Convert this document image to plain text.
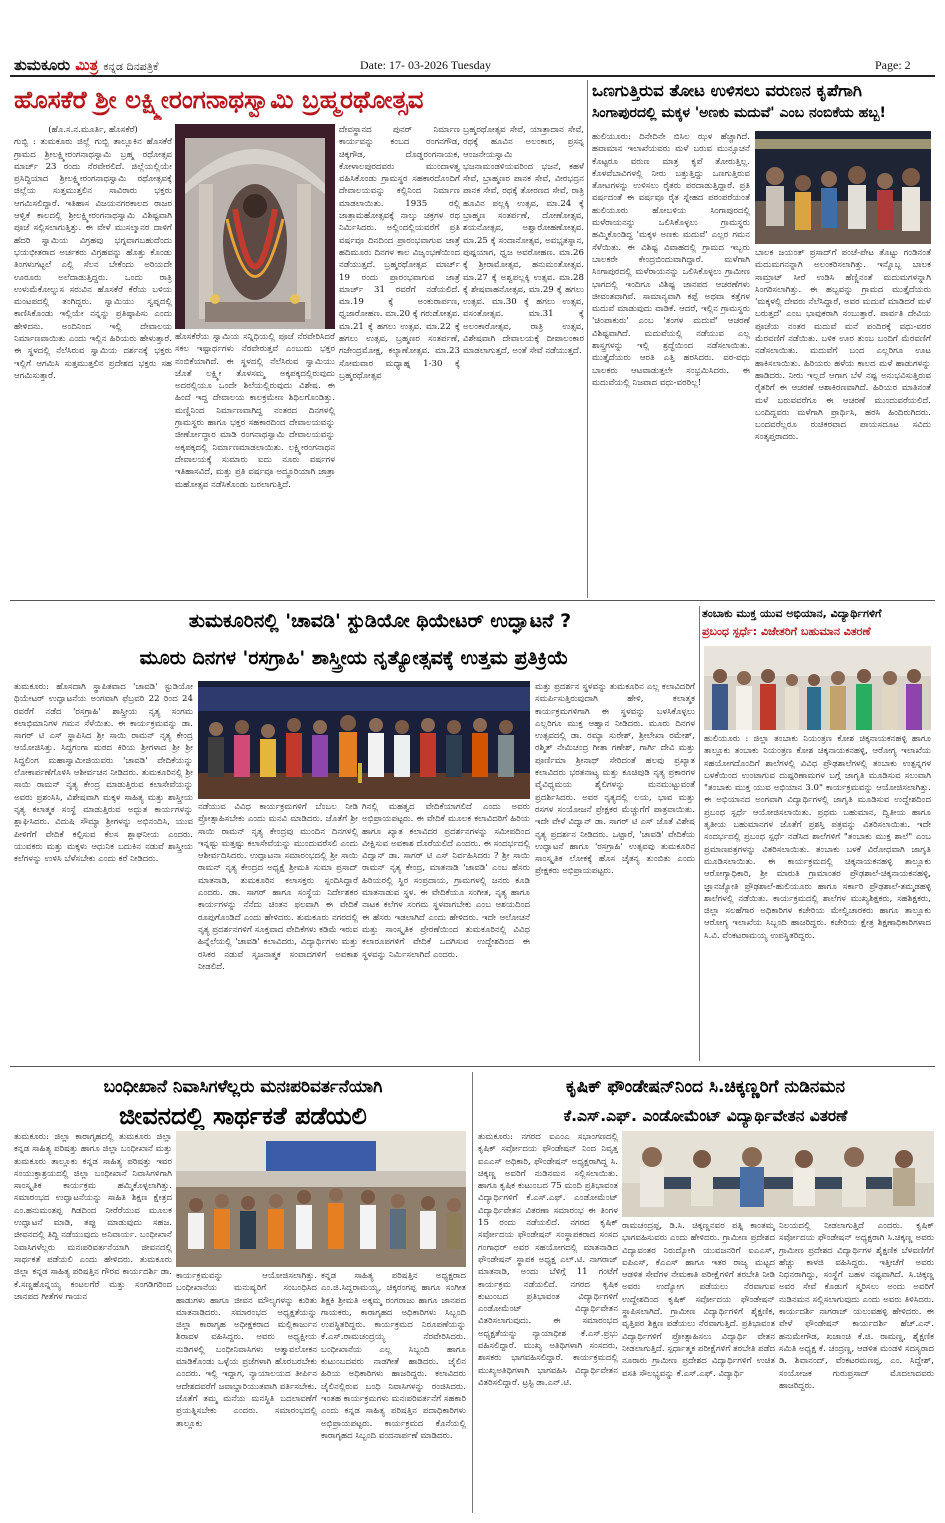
ತುಮಕೂರು ಮಿತ್ರ ಕನ್ನಡ ದಿನಪತ್ರಿಕೆ	Date: 17- 03-2026 Tuesday	Page: 2
ಹೊಸಕೆರೆ ಶ್ರೀ ಲಕ್ಷ್ಮೀರಂಗನಾಥಸ್ವಾಮಿ ಬ್ರಹ್ಮರಥೋತ್ಸವ

(ಹೊ.ಸ.ನ.ಮೂರ್ತಿ, ಹೊಸಕೆರೆ)

ಗುಬ್ಬಿ : ತುಮಕೂರು ಜಿಲ್ಲೆ ಗುಬ್ಬಿ ತಾಲ್ಲೂಕಿನ ಹೊಸಕೆರೆ ಗ್ರಾಮದ ಶ್ರೀಲಕ್ಷ್ಮೀರಂಗನಾಥಸ್ವಾಮಿ ಬ್ರಹ್ಮ ರಥೋತ್ಸವ ಮಾರ್ಚ್ 23 ರಂದು ನೆರವೇರಲಿದೆ. ಜಿಲ್ಲೆಯಲ್ಲಿಯೇ ಪ್ರಸಿದ್ಧಿಯಾದ ಶ್ರೀಲಕ್ಷ್ಮೀರಂಗನಾಥಸ್ವಾಮಿ ರಥೋತ್ಸವಕ್ಕೆ ಜಿಲ್ಲೆಯ ಸುತ್ತಮುತ್ತಲಿನ ಸಾವಿರಾರು ಭಕ್ತರು ಆಗಮಿಸಲಿದ್ದಾರೆ. ಇತಿಹಾಸ ವಿಜಯನಗರಕಾಲದ ರಾಜರ ಆಳ್ವಿಕೆ ಕಾಲದಲ್ಲಿ ಶ್ರೀಲಕ್ಷ್ಮೀರಂಗನಾಥಸ್ವಾಮಿ ವಿಶಿಷ್ಟವಾಗಿ ಪೂಜೆ ಸಲ್ಲಿಸಲಾಗುತ್ತಿತ್ತು. ಈ ವೇಳೆ ಮುಸಲ್ಮಾನರ ದಾಳಿಗೆ ಹೆದರಿ ಸ್ವಾಮಿಯ ವಿಗ್ರಹವು ಭಗ್ನವಾಗಬಹುದೆಂದು ಭಯಭೀತರಾದ ಅರ್ಚಕರು ವಿಗ್ರಹವನ್ನು ಹೊತ್ತು ಕೊಂಡು ತಿಂಗಳುಗಟ್ಟಲೆ ಎಲ್ಲಿ ಸೆಲನ ಬೇಕೆಂದು ಅರಿಯದೇ ಊರೂರು ಅಲೆದಾಡುತ್ತಿದ್ದರು. ಒಂದು ರಾತ್ರಿ ಉಳುಮೆಕೋಲ್ನುಸ ಸರುವಿನ ಹೊಸಕೆರೆ ಕೆರೆಯ ಬಳಿಯ ಮಂಟಪದಲ್ಲಿ ತಂಗಿದ್ದರು. ಸ್ವಾಮಿಯು ಸ್ವಪ್ನದಲ್ಲಿ ಕಾಣಿಸಿಕೊಂಡು ಇಲ್ಲಿಯೇ ನನ್ನನ್ನು ಪ್ರತಿಷ್ಠಾಪಿಸು ಎಂದು ಹೇಳಿದನು. ಅಂದಿನಿಂದ ಇಲ್ಲಿ ದೇವಾಲಯ ನಿರ್ಮಾಣವಾಯಿತು ಎಂದು ಇಲ್ಲಿನ ಹಿರಿಯರು ಹೇಳುತ್ತಾರೆ. ಈ ಸ್ಥಳದಲ್ಲಿ ನೆಲೆಸಿರುವ ಸ್ವಾಮಿಯ ದರ್ಶನಕ್ಕೆ ಭಕ್ತರು ಇಲ್ಲಿಗೆ ಆಗಮಿಸಿ ಸುತ್ತಮುತ್ತಲಿನ ಪ್ರದೇಶದ ಭಕ್ತರು ಸಹ ಆಗಮಿಸುತ್ತಾರೆ.

ಹೊಸಕೆರೆಯ ಸ್ವಾಮಿಯ ಸನ್ನಿಧಿಯಲ್ಲಿ ಪೂಜೆ ನೆರವೇರಿಸಿದರೆ ಸಕಲ ಇಷ್ಟಾರ್ಥಗಳು ನೆರವೇರುತ್ತವೆ ಎಂಬುದು ಭಕ್ತರ ನಂಬಿಕೆಯಾಗಿದೆ. ಈ ಸ್ಥಳದಲ್ಲಿ ನೆಲೆಸಿರುವ ಸ್ವಾಮಿಯು ಜೊತೆ ಲಕ್ಷ್ಮೀ ತೊಳಸಮ್ಮ ಅಕ್ಕಪಕ್ಕದಲ್ಲಿರುವುದು ಅದರಲ್ಲಿಯೂ ಒಂದೇ ಶಿಲೆಯಲ್ಲಿರುವುದು ವಿಶೇಷ. ಈ ಹಿಂದೆ ಇದ್ದ ದೇವಾಲಯ ಕಾಲಕ್ರಮೇಣ ಶಿಥಿಲಗೊಂಡಿತ್ತು. ಮಣ್ಣಿನಿಂದ ನಿರ್ಮಾಣವಾಗಿದ್ದ ನಂತರದ ದಿನಗಳಲ್ಲಿ ಗ್ರಾಮಸ್ಥರು ಹಾಗೂ ಭಕ್ತರ ಸಹಕಾರದಿಂದ ದೇವಾಲಯವನ್ನು ಜೀರ್ಣೋದ್ಧಾರ ಮಾಡಿ ರಂಗನಾಥಸ್ವಾಮಿ ದೇವಾಲಯವನ್ನು ಅಕ್ಕಪಕ್ಕದಲ್ಲಿ ನಿರ್ಮಾಣಮಾಡಲಾಯಿತು. ಲಕ್ಷ್ಮೀರಂಗನಾಥನ ದೇವಾಲಯಕ್ಕೆ ಸುಮಾರು ಐದು ನೂರು ವರ್ಷಗಳ ಇತಿಹಾಸವಿದೆ, ಮತ್ತು ಪ್ರತಿ ವರ್ಷವೂ ಅದ್ಧೂರಿಯಾಗಿ ಜಾತ್ರಾ ಮಹೋತ್ಸವ ನಡೆಸಿಕೊಂಡು ಬರಲಾಗುತ್ತಿದೆ.

ದೇವಸ್ಥಾನದ ಪುನರ್ ನಿರ್ಮಾಣ ಕಾರ್ಯವನ್ನು ಕಂಬದ ರಂಗನಗೌಡ, ಚಿಕ್ಕಗೌಡ, ದೊಡ್ಡರಂಗನಾಯಕ, ಕೋಳಾಲಪುರದವರು ಮುಂದಾಳತ್ವ ವಹಿಸಿಕೊಂಡು ಗ್ರಾಮಸ್ಥರ ಸಹಕಾರದೊಂದಿಗೆ ದೇವಾಲಯವನ್ನು ಕಲ್ಲಿನಿಂದ ನಿರ್ಮಾಣ ಮಾಡಲಾಯಿತು. 1935 ರಲ್ಲಿ ಜಾತ್ರಾಮಹೋತ್ಸವಕ್ಕೆ ನಾಲ್ಕು ಚಕ್ರಗಳ ರಥ ನಿರ್ಮಿಸಿದರು. ಅಲ್ಲಿಂದಲ್ಲಿಯವರೆಗೆ ಪ್ರತಿ ವರ್ಷವೂ ದಿನದಿಂದ ಪ್ರಾರಂಭವಾಗುವ ಜಾತ್ರೆ ಹದಿಮೂರು ದಿನಗಳ ಕಾಲ ವಿಜೃಂಭಣೆಯಿಂದ ನಡೆಯುತ್ತದೆ. ಬ್ರಹ್ಮರಥೋತ್ಸವ ಮಾರ್ಚ್ 19 ರಂದು ಪ್ರಾರಂಭವಾಗುವ ಜಾತ್ರೆ ಮಾರ್ಚ್ 31 ರವರೆಗೆ ನಡೆಯಲಿದೆ. ಮಾ.19 ಕ್ಕೆ ಅಂಕುರಾರ್ಪಣ, ಧ್ವಜಾರೋಹಣ. ಮಾ.20 ಕ್ಕೆ ಗರುಡೋತ್ಸವ. ಮಾ.21 ಕ್ಕೆ ಹಗಲು ಉತ್ಸವ. ಮಾ.22 ಕ್ಕೆ ಹಗಲು ಉತ್ಸವ, ಬ್ರಹ್ಮಣರ ಸಂತರ್ಪಣೆ, ಗಜೇಂದ್ರಮೋಕ್ಷ, ಕಲ್ಯಾಣೋತ್ಸವ. ಮಾ.23 ಸೋಮವಾರ ಮಧ್ಯಾಹ್ನ 1-30 ಕ್ಕೆ ಬ್ರಹ್ಮರಥೋತ್ಸವ

ಬ್ರಹ್ಮರಥೋತ್ಸವ ಸೇವೆ, ಯಾತ್ರಾದಾನ ಸೇವೆ, ರಥಕ್ಕೆ ಹೂವಿನ ಅಲಂಕಾರ, ಪ್ರಸನ್ನ ಆಂಜನೇಯಸ್ವಾಮಿ ಭಜನಾಮಂಡಳಿಯವರಿಂದ ಭಜನೆ, ಕಹಳೆ ಸೇವೆ, ಬ್ರಾಹ್ಮಣರ ಪಾನಕ ಸೇವೆ, ವೀರಭದ್ರನ ಪಾನಕ ಸೇವೆ, ರಥಕ್ಕೆ ತೋರಣದ ಸೇವೆ, ರಾತ್ರಿ ಹೂವಿನ ಪಲ್ಲಕ್ಕಿ ಉತ್ಸವ, ಮಾ.24 ಕ್ಕೆ ಬ್ರಾಹ್ಮಣ ಸಂತರ್ಪಣೆ, ದೋಣೋತ್ಸವ, ಶಯನೋತ್ಸವ, ಅಶ್ವಾರೋಹಣೋತ್ಸವ. ಮಾ.25 ಕ್ಕೆ ಸಂದಾನೋತ್ಸವ, ಅವಭೃತಸ್ನಾನ, ಪುಷ್ಪಯಾಗ, ಧ್ವಜ ಅವರೋಹಣ. ಮಾ.26 ಕ್ಕೆ ಶ್ರೀರಾಮೋತ್ಸವ, ಹನುಮಂತೋತ್ಸವ. ಮಾ.27 ಕ್ಕೆ ಅಶ್ವಪಲ್ಲಕ್ಕಿ ಉತ್ಸವ. ಮಾ.28 ಕ್ಕೆ ಶೇಷವಾಹನೋತ್ಸವ, ಮಾ.29 ಕ್ಕೆ ಹಗಲು ಉತ್ಸವ. ಮಾ.30 ಕ್ಕೆ ಹಗಲು ಉತ್ಸವ, ವಸಂತೋತ್ಸವ. ಮಾ.31 ಕ್ಕೆ ಅಲಂಕಾರೋತ್ಸವ, ರಾತ್ರಿ ಉತ್ಸವ, ವಿಶೇಷವಾಗಿ ದೇವಾಲಯಕ್ಕೆ ದೀಪಾಲಂಕಾರ ಮಾಡಲಾಗುತ್ತದೆ, ಅಂತೆ ಸೇವೆ ನಡೆಯುತ್ತದೆ.

ಒಣಗುತ್ತಿರುವ ತೋಟ ಉಳಿಸಲು ವರುಣನ ಕೃಪೆಗಾಗಿ
ಸಿಂಗಾಪುರದಲ್ಲಿ ಮಕ್ಕಳ 'ಅಣಕು ಮದುವೆ' ಎಂಬ ನಂಬಿಕೆಯ ಹಬ್ಬ!

ಹುಲಿಯೂರು: ದಿನೇದಿನೇ ಬಿಸಿಲ ಝಳ ಹೆಚ್ಚಾಗಿದೆ. ಹವಾಮಾನ ಇಲಾಖೆಯವರು ಮಳೆ ಬರುವ ಮುನ್ಸೂಚನೆ ಕೊಟ್ಟರೂ ವರುಣ ಮಾತ್ರ ಕೃಪೆ ತೋರುತ್ತಿಲ್ಲ. ಕೊಳವೆಬಾವಿಗಳಲ್ಲಿ ನೀರು ಬತ್ತುತ್ತಿದ್ದು ಒಣಗುತ್ತಿರುವ ತೋಟಗಳನ್ನು ಉಳಿಸಲು ರೈತರು ಪರದಾಡುತ್ತಿದ್ದಾರೆ. ಪ್ರತಿ ವರ್ಷದಂತೆ ಈ ವರ್ಷವೂ ರೈತ ಸ್ನೇಹದ ಪರಂಪರೆಯಂತೆ ಹುಲಿಯೂರು ಹೋಬಳಿಯ ಸಿಂಗಾಪುರದಲ್ಲಿ ಮಳೆರಾಯನನ್ನು ಒಲಿಸಿಕೊಳ್ಳಲು ಗ್ರಾಮಸ್ಥರು ಹಮ್ಮಿಕೊಂಡಿದ್ದ 'ಮಕ್ಕಳ ಅಣಕು ಮದುವೆ' ಎಲ್ಲರ ಗಮನ ಸೆಳೆಯಿತು. ಈ ವಿಶಿಷ್ಟ ವಿವಾಹದಲ್ಲಿ ಗ್ರಾಮದ ಇಬ್ಬರು ಬಾಲಕರೇ ಕೇಂದ್ರಬಿಂದುವಾಗಿದ್ದಾರೆ. ಮಳೆಗಾಗಿ ಸಿಂಗಾಪುರದಲ್ಲಿ ಮಳೆರಾಯನನ್ನು ಒಲಿಸಿಕೊಳ್ಳಲು ಗ್ರಾಮೀಣ ಭಾಗದಲ್ಲಿ ಇಂದಿಗೂ ವಿಶಿಷ್ಟ ಜಾನಪದ ಆಚರಣೆಗಳು ಜೀವಂತವಾಗಿವೆ. ಸಾಮಾನ್ಯವಾಗಿ ಕಪ್ಪೆ ಅಥವಾ ಕತ್ತೆಗಳ ಮದುವೆ ಮಾಡುವುದು ವಾಡಿಕೆ. ಆದರೆ, ಇಲ್ಲಿನ ಗ್ರಾಮಸ್ಥರು 'ಚಿಂಪಾಕುರು' ಎಂಬ 'ತಂಗಳ ಮದುವೆ' ಆಚರಣೆ ವಿಶಿಷ್ಟವಾಗಿದೆ. ಮದುವೆಯಲ್ಲಿ ನಡೆಯುವ ಎಲ್ಲ ಶಾಸ್ತ್ರಗಳನ್ನು ಇಲ್ಲಿ ಶ್ರದ್ಧೆಯಿಂದ ನಡೆಸಲಾಯಿತು. ಮುತ್ತೈದೆಯರು ಆರತಿ ಎತ್ತಿ ಹರಸಿದರು. ವರ-ವಧು ಬಾಲಕರು ಆಟವಾಡುತ್ತಲೇ ಸಂಭ್ರಮಿಸಿದರು. ಈ ಮದುವೆಯಲ್ಲಿ ನಿಜವಾದ ವಧು-ವರರಿಲ್ಲ!

ಬಾಲಕ ಜಯಂತ್ ಪ್ರಸಾದ್‌ಗೆ ಪಂಚೆ-ಪೇಟ ತೊಟ್ಟು ಗಂಡಿನಂತೆ ಮದುಮಗನನ್ನಾಗಿ ಅಲಂಕರಿಸಲಾಗಿತ್ತು. ಇನ್ನೊಬ್ಬ ಬಾಲಕ ಸಾಮ್ರಾಟ್ ಸೀರೆ ಉಡಿಸಿ ಹೆಣ್ಣಿನಂತೆ ಮದುಮಗಳನ್ನಾಗಿ ಸಿಂಗರಿಸಲಾಗಿತ್ತು. ಈ ಹಬ್ಬವನ್ನು ಗ್ರಾಮದ ಮುತ್ತೈದೆಯರು 'ಮಕ್ಕಳಲ್ಲಿ ದೇವರು ನೆಲೆಸಿದ್ದಾರೆ, ಅವರ ಮದುವೆ ಮಾಡಿದರೆ ಮಳೆ ಬರುತ್ತದೆ' ಎಂಬ ಭಾವುಕರಾಗಿ ನಂಬುತ್ತಾರೆ. ಪಾರ್ವತಿ ದೇವಿಯ ಪೂಜೆಯ ನಂತರ ಮದುವೆ ಮನೆ ಪಂದಿರಕ್ಕೆ ವಧು-ವರರ ಮೆರವಣಿಗೆ ನಡೆಯಿತು. ಬಳಿಕ ಊರ ತುಂಬ ಬಂದಿಗೆ ಮೆರವಣಿಗೆ ನಡೆಸಲಾಯಿತು. ಮದುವೆಗೆ ಬಂದ ಎಲ್ಲರಿಗೂ ಊಟ ಹಾಕಿಸಲಾಯಿತು. ಹಿರಿಯರು ಹಳೆಯ ಕಾಲದ ಮಳೆ ಹಾಡುಗಳನ್ನು ಹಾಡಿದರು. ನೀರು ಇಲ್ಲದೆ ಆಗಾಗ ಬೆಳೆ ನಷ್ಟ ಅನುಭವಿಸುತ್ತಿರುವ ರೈತರಿಗೆ ಈ ಆಚರಣೆ ಆಶಾಕಿರಣವಾಗಿದೆ. ಹಿರಿಯರ ಮಾತಿನಂತೆ ಮಳೆ ಬರುವವರೆಗೂ ಈ ಆಚರಣೆ ಮುಂದುವರೆಯಲಿದೆ. ಬಂದಿದ್ದವರು ಮಳೆಗಾಗಿ ಪ್ರಾರ್ಥಿಸಿ, ಹರಸಿ ಹಿಂದಿರುಗಿದರು. ಬಂದವರೆಲ್ಲರೂ ರುಚಿಕರವಾದ ಪಾಯಸದೂಟ ಸವಿದು ಸಂತೃಪ್ತರಾದರು.

ತುಮಕೂರಿನಲ್ಲಿ 'ಚಾವಡಿ' ಸ್ಟುಡಿಯೋ ಥಿಯೇಟರ್ ಉದ್ಘಾಟನೆ ?
ಮೂರು ದಿನಗಳ 'ರಸಗ್ರಾಹಿ' ಶಾಸ್ತ್ರೀಯ ನೃತ್ಯೋತ್ಸವಕ್ಕೆ ಉತ್ತಮ ಪ್ರತಿಕ್ರಿಯೆ

ತುಮಕೂರು: ಹೊಸದಾಗಿ ಸ್ಥಾಪಿತವಾದ 'ಚಾವಡಿ' ಸ್ಟುಡಿಯೋ ಥಿಯೇಟರ್ ಉದ್ಘಾಟನೆಯ ಅಂಗವಾಗಿ ಫೆಬ್ರವರಿ 22 ರಿಂದ 24 ರವರೆಗೆ ನಡೆದ 'ರಸಗ್ರಾಹಿ' ಶಾಸ್ತ್ರೀಯ ನೃತ್ಯ ಸಂಗಮ ಕಲಾಭಿಮಾನಿಗಳ ಗಮನ ಸೆಳೆಯಿತು. ಈ ಕಾರ್ಯಕ್ರಮವನ್ನು ಡಾ. ಸಾಗರ್ ಟಿ ಎಸ್ ಸ್ಥಾಪಿಸಿದ ಶ್ರೀ ಸಾಯಿ ರಾಮನ್ ನೃತ್ಯ ಕೇಂದ್ರ ಆಯೋಜಿಸಿತ್ತು. ಸಿದ್ಧಗಂಗಾ ಮಠದ ಕಿರಿಯ ಶ್ರೀಗಳಾದ ಶ್ರೀ ಶ್ರೀ ಸಿದ್ಧಲಿಂಗ ಮಹಾಸ್ವಾಮೀಜಿಯವರು 'ಚಾವಡಿ' ವೇದಿಕೆಯನ್ನು ಲೋಕಾರ್ಪಣೆಗೊಳಿಸಿ ಆಶೀರ್ವಚನ ನೀಡಿದರು. ತುಮಕೂರಿನಲ್ಲಿ ಶ್ರೀ ಸಾಯಿ ರಾಮನ್ ನೃತ್ಯ ಕೇಂದ್ರ ಮಾಡುತ್ತಿರುವ ಕಲಾಸೇವೆಯನ್ನು ಅವರು ಪ್ರಶಂಸಿಸಿ, ವಿಶೇಷವಾಗಿ ಮಕ್ಕಳ ಸಾಹಿತ್ಯ ಮತ್ತು ಶಾಸ್ತ್ರೀಯ ನೃತ್ಯ ಕಲಾತ್ಮಕ ಸಂಸ್ಥೆ ಮಾಡುತ್ತಿರುವ ಅದ್ಭುತ ಕಾರ್ಯಗಳನ್ನು ಶ್ಲಾಘಿಸಿದರು. ವಿದುಷಿ ಸೌಮ್ಯಾ ಶ್ರೀಗಳನ್ನು ಅಭಿನಂದಿಸಿ, ಯುವ ಪೀಳಿಗೆಗೆ ವೇದಿಕೆ ಕಲ್ಪಿಸುವ ಕೆಲಸ ಶ್ಲಾಘನೀಯ ಎಂದರು. ಯುವಕರು ಮತ್ತು ಮಕ್ಕಳು ಆಧುನಿಕ ಬದುಕಿನ ನಡುವೆ ಶಾಸ್ತ್ರೀಯ ಕಲೆಗಳನ್ನು ಉಳಿಸಿ ಬೆಳೆಸಬೇಕು ಎಂದು ಕರೆ ನೀಡಿದರು.

ನಡೆಯುವ ವಿವಿಧ ಕಾರ್ಯಕ್ರಮಗಳಿಗೆ ಬೆಂಬಲ ನೀಡಿ ಪ್ರೋತ್ಸಾಹಿಸಬೇಕು ಎಂದು ಮನವಿ ಮಾಡಿದರು. ಜೊತೆಗೆ ಶ್ರೀ ಸಾಯಿ ರಾಮನ್ ನೃತ್ಯ ಕೇಂದ್ರವು ಮುಂದಿನ ದಿನಗಳಲ್ಲಿ ಇನ್ನಷ್ಟು ಮತ್ತಷ್ಟು ಕಲಾಸೇವೆಯನ್ನು ಮುಂದುವರೆಸಲಿ ಎಂದು ಆಶೀರ್ವದಿಸಿದರು. ಉದ್ಘಾಟನಾ ಸಮಾರಂಭದಲ್ಲಿ ಶ್ರೀ ಸಾಯಿ ರಾಮನ್ ನೃತ್ಯ ಕೇಂದ್ರದ ಅಧ್ಯಕ್ಷೆ ಶ್ರೀಮತಿ ಸುಮಾ ಪ್ರಸಾದ್ ಮಾತನಾಡಿ, ತುಮಕೂರಿನ ಕಲಾಸಕ್ತರು ಸ್ಪಂದಿಸಿದ್ದಾರೆ ಎಂದರು. ಡಾ. ಸಾಗರ್ ಹಾಗೂ ಸಂಸ್ಥೆಯ ನಿರ್ದೇಶಕರ ಕಾರ್ಯಗಳನ್ನು ನೆನೆದು ಚಿಂತನ ಫಲವಾಗಿ ಈ ವೇದಿಕೆ ರೂಪುಗೊಂಡಿದೆ ಎಂದು ಹೇಳಿದರು. ತುಮಕೂರು ನಗರದಲ್ಲಿ ನೃತ್ಯ ಪ್ರದರ್ಶನಗಳಿಗೆ ಸೂಕ್ತವಾದ ವೇದಿಕೆಗಳು ಕಡಿಮೆ ಇರುವ ಹಿನ್ನೆಲೆಯಲ್ಲಿ 'ಚಾವಡಿ' ಕಲಾವಿದರು, ವಿದ್ಯಾರ್ಥಿಗಳು ಮತ್ತು ರಸಿಕರ ನಡುವೆ ಸೃಜನಾತ್ಮಕ ಸಂವಾದಗಳಿಗೆ ಅವಕಾಶ ನೀಡಲಿದೆ.

ಗಿನಲ್ಲಿ ಮಹತ್ವದ ವೇದಿಕೆಯಾಗಲಿದೆ ಎಂದು ಅವರು ಅಭಿಪ್ರಾಯಪಟ್ಟರು. ಈ ವೇದಿಕೆ ಮೂಲಕ ಕಲಾವಿದರಿಗೆ ಹಿರಿಯ ಹಾಗೂ ಖ್ಯಾತ ಕಲಾವಿದರ ಪ್ರದರ್ಶನಗಳನ್ನು ಸಮೀಪದಿಂದ ವೀಕ್ಷಿಸುವ ಅವಕಾಶ ದೊರೆಯಲಿದೆ ಎಂದರು. ಈ ಸಂದರ್ಭದಲ್ಲಿ ವಿದ್ವಾನ್ ಡಾ. ಸಾಗರ್ ಟಿ ಎಸ್ ನಿರ್ವಹಿಸಿದರು ? ಶ್ರೀ ಸಾಯಿ ರಾಮನ್ ನೃತ್ಯ ಕೇಂದ್ರ, ಮಾತನಾಡಿ 'ಚಾವಡಿ' ಎಂಬ ಹೆಸರು ಹಿರಿಯರಲ್ಲಿ ಸ್ಥಿರ ಸಂಪ್ರದಾಯ, ಗ್ರಾಮಗಳಲ್ಲಿ ಜನರು ಕೂಡಿ ಮಾತನಾಡುವ ಸ್ಥಳ. ಈ ವೇದಿಕೆಯೂ ಸಂಗೀತ, ನೃತ್ಯ ಹಾಗೂ ನಾಟಕ ಕಲೆಗಳ ಸಂಗಮ ಸ್ಥಳವಾಗಬೇಕು ಎಂಬ ಆಶಯದಿಂದ ಈ ಹೆಸರು ಇಡಲಾಗಿದೆ ಎಂದು ಹೇಳಿದರು. ಇದೇ ಆಲೋಚನೆ ಮತ್ತು ಸಾಂಸ್ಕೃತಿಕ ಪ್ರೇರಣೆಯಿಂದ ತುಮಕೂರಿನಲ್ಲಿ ವಿವಿಧ ಕಲಾರೂಪಗಳಿಗೆ ವೇದಿಕೆ ಒದಗಿಸುವ ಉದ್ದೇಶದಿಂದ ಈ ಸ್ಥಳವನ್ನು ನಿರ್ಮಿಸಲಾಗಿದೆ ಎಂದರು.

ಮತ್ತು ಪ್ರದರ್ಶನ ಸ್ಥಳವನ್ನು ತುಮಕೂರಿನ ಎಲ್ಲ ಕಲಾವಿದರಿಗೆ ಸಮರ್ಪಿಸುತ್ತಿರುವುದಾಗಿ ಹೇಳಿ, ಕಲಾತ್ಮಕ ಕಾರ್ಯಕ್ರಮಗಳಿಗಾಗಿ ಈ ಸ್ಥಳವನ್ನು ಬಳಸಿಕೊಳ್ಳಲು ಎಲ್ಲರಿಗೂ ಮುಕ್ತ ಆಹ್ವಾನ ನೀಡಿದರು. ಮೂರು ದಿನಗಳ ಉತ್ಸವದಲ್ಲಿ ಡಾ. ರಮ್ಯಾ ಸುರೇಶ್, ಶ್ರೀಲೇಖಾ ರಮೇಶ್, ರಶ್ಮಿತ್ ನೇಮಿಚಂದ್ರ ಗೀತಾ ಗಣೇಶ್, ಗಾರ್ಗಿ ದೇವಿ ಮತ್ತು ಪೂರ್ಣಿಮಾ ಶ್ರೀನಾಥ್ ಸೇರಿದಂತೆ ಹಲವು ಪ್ರಖ್ಯಾತ ಕಲಾವಿದರು ಭರತನಾಟ್ಯ ಮತ್ತು ಕೂಚಿಪುಡಿ ನೃತ್ಯ ಪ್ರಕಾರಗಳ ವೈವಿಧ್ಯಮಯ ಶೈಲಿಗಳನ್ನು ಮನಮುಟ್ಟುವಂತೆ ಪ್ರದರ್ಶಿಸಿದರು. ಅವರ ನೃತ್ಯದಲ್ಲಿ ಲಯ, ಭಾವ ಮತ್ತು ರಸಗಳ ಸಂಯೋಜನೆ ಪ್ರೇಕ್ಷಕರ ಮೆಚ್ಚುಗೆಗೆ ಪಾತ್ರವಾಯಿತು. ಇದೇ ವೇಳೆ ವಿದ್ವಾನ್ ಡಾ. ಸಾಗರ್ ಟಿ ಎಸ್ ಜೊತೆ ವಿಶೇಷ ನೃತ್ಯ ಪ್ರದರ್ಶನ ನೀಡಿದರು. ಒಟ್ಟಾರೆ, 'ಚಾವಡಿ' ವೇದಿಕೆಯ ಉದ್ಘಾಟನೆ ಹಾಗೂ 'ರಸಗ್ರಾಹಿ' ಉತ್ಸವವು ತುಮಕೂರಿನ ಸಾಂಸ್ಕೃತಿಕ ಲೋಕಕ್ಕೆ ಹೊಸ ಚೈತನ್ಯ ತುಂಬಿತು ಎಂದು ಪ್ರೇಕ್ಷಕರು ಅಭಿಪ್ರಾಯಪಟ್ಟರು.

ತಂಬಾಕು ಮುಕ್ತ ಯುವ ಅಭಿಯಾನ, ವಿದ್ಯಾರ್ಥಿಗಳಿಗೆ
ಪ್ರಬಂಧ ಸ್ಪರ್ಧೆ: ವಿಜೇತರಿಗೆ ಬಹುಮಾನ ವಿತರಣೆ

ಹುಲಿಯೂರು : ಜಿಲ್ಲಾ ತಂಬಾಕು ನಿಯಂತ್ರಣ ಕೋಶ ಚಿಕ್ಕನಾಯಕನಹಳ್ಳಿ ಹಾಗೂ ತಾಲ್ಲೂಕು ತಂಬಾಕು ನಿಯಂತ್ರಣ ಕೋಶ ಚಿಕ್ಕನಾಯಕನಹಳ್ಳಿ, ಆರೋಗ್ಯ ಇಲಾಖೆಯ ಸಹಯೋಗದೊಂದಿಗೆ ಶಾಲೆಗಳಲ್ಲಿ ವಿವಿಧ ಪ್ರೌಢಶಾಲೆಗಳಲ್ಲಿ ತಂಬಾಕು ಉತ್ಪನ್ನಗಳ ಬಳಕೆಯಿಂದ ಉಂಟಾಗುವ ದುಷ್ಪರಿಣಾಮಗಳ ಬಗ್ಗೆ ಜಾಗೃತಿ ಮೂಡಿಸುವ ಸಲುವಾಗಿ "ತಂಬಾಕು ಮುಕ್ತ ಯುವ ಅಭಿಯಾನ 3.0" ಕಾರ್ಯಕ್ರಮವನ್ನು ಆಯೋಜಿಸಲಾಗಿತ್ತು. ಈ ಅಭಿಯಾನದ ಅಂಗವಾಗಿ ವಿದ್ಯಾರ್ಥಿಗಳಲ್ಲಿ ಜಾಗೃತಿ ಮೂಡಿಸುವ ಉದ್ದೇಶದಿಂದ ಪ್ರಬಂಧ ಸ್ಪರ್ಧೆ ಆಯೋಜಿಸಲಾಯಿತು. ಪ್ರಥಮ ಬಹುಮಾನ, ದ್ವಿತೀಯ ಹಾಗೂ ತೃತೀಯ ಬಹುಮಾನಗಳ ಜೊತೆಗೆ ಪ್ರಶಸ್ತಿ ಪತ್ರವನ್ನು ವಿತರಿಸಲಾಯಿತು. ಇದೇ ಸಂದರ್ಭದಲ್ಲಿ ಪ್ರಬಂಧ ಸ್ಪರ್ಧೆ ನಡೆಸಿದ ಶಾಲೆಗಳಿಗೆ "ತಂಬಾಕು ಮುಕ್ತ ಶಾಲೆ" ಎಂಬ ಪ್ರಮಾಣಪತ್ರಗಳನ್ನು ವಿತರಿಸಲಾಯಿತು. ತಂಬಾಕು ಬಳಕೆ ವಿರೋಧವಾಗಿ ಜಾಗೃತಿ ಮೂಡಿಸಲಾಯಿತು. ಈ ಕಾರ್ಯಕ್ರಮದಲ್ಲಿ ಚಿಕ್ಕನಾಯಕನಹಳ್ಳಿ ತಾಲ್ಲೂಕು ಆರೋಗ್ಯಾಧಿಕಾರಿ, ಶ್ರೀ ಮಾರುತಿ ಗ್ರಾಮಾಂತರ ಪ್ರೌಢಶಾಲೆ-ಚಿಕ್ಕನಾಯಕನಹಳ್ಳಿ, ಜ್ಞಾನಜ್ಯೋತಿ ಪ್ರೌಢಶಾಲೆ-ಹುಲಿಯೂರು ಹಾಗೂ ಸರ್ಕಾರಿ ಪ್ರೌಢಶಾಲೆ-ತಮ್ಮಡಹಳ್ಳಿ ಶಾಲೆಗಳಲ್ಲಿ ನಡೆಯಿತು. ಕಾರ್ಯಕ್ರಮದಲ್ಲಿ ಶಾಲೆಗಳ ಮುಖ್ಯಶಿಕ್ಷಕರು, ಸಹಶಿಕ್ಷಕರು, ಜಿಲ್ಲಾ ಸಲಹೆಗಾರ ಅಧಿಕಾರಿಗಳ ಕಚೇರಿಯ ಮೇಲ್ವಿಚಾರಕರು ಹಾಗೂ ತಾಲ್ಲೂಕು ಆರೋಗ್ಯ ಇಲಾಖೆಯ ಸಿಬ್ಬಂದಿ ಹಾಜರಿದ್ದರು. ಕಚೇರಿಯ ಕ್ಷೇತ್ರ ಶಿಕ್ಷಣಾಧಿಕಾರಿಗಳಾದ ಸಿ.ವಿ. ವೆಂಕಟರಾಮಯ್ಯ ಉಪಸ್ಥಿತರಿದ್ದರು.

ಬಂಧೀಖಾನೆ ನಿವಾಸಿಗಳೆಲ್ಲರು ಮನಃಪರಿವರ್ತನೆಯಾಗಿ
ಜೀವನದಲ್ಲಿ ಸಾರ್ಥಕತೆ ಪಡೆಯಲಿ

ತುಮಕೂರು: ಜಿಲ್ಲಾ ಕಾರಾಗೃಹದಲ್ಲಿ ತುಮಕೂರು ಜಿಲ್ಲಾ ಕನ್ನಡ ಸಾಹಿತ್ಯ ಪರಿಷತ್ತು ಹಾಗೂ ಜಿಲ್ಲಾ ಬಂಧೀಖಾನೆ ಮತ್ತು ತುಮಕೂರು ತಾಲ್ಲೂಕು ಕನ್ನಡ ಸಾಹಿತ್ಯ ಪರಿಷತ್ತು ಇವರ ಸಂಯುಕ್ತಾಶ್ರಯದಲ್ಲಿ ಜಿಲ್ಲಾ ಬಂಧೀಖಾನೆ ನಿವಾಸಿಗಳಿಗಾಗಿ ಸಾಂಸ್ಕೃತಿಕ ಕಾರ್ಯಕ್ರಮ ಹಮ್ಮಿಕೊಳ್ಳಲಾಗಿತ್ತು. ಸಮಾರಂಭದ ಉದ್ಘಾಟನೆಯನ್ನು ಸಾಹಿತಿ ಶಿಕ್ಷಣ ಕ್ಷೇತ್ರದ ಎಂ.ಹನುಮಂತಪ್ಪ ಗಿಡದಿಂದ ನೀರೆರೆಯುವ ಮೂಲಕ ಉದ್ಘಾಟನೆ ಮಾಡಿ, ತಪ್ಪು ಮಾಡುವುದು ಸಹಜ. ಜೀವನದಲ್ಲಿ ತಿದ್ದಿ ನಡೆಯುವುದು ಅನಿವಾರ್ಯ. ಬಂಧೀಖಾನೆ ನಿವಾಸಿಗಳೆಲ್ಲರು ಮನಃಪರಿವರ್ತನೆಯಾಗಿ ಜೀವನದಲ್ಲಿ ಸಾರ್ಥಕತೆ ಪಡೆಯಲಿ ಎಂದು ಹೇಳಿದರು. ತುಮಕೂರು ಜಿಲ್ಲಾ ಕನ್ನಡ ಸಾಹಿತ್ಯ ಪರಿಷತ್ತಿನ ಗೌರವ ಕಾರ್ಯದರ್ಶಿ ಡಾ. ಕೆ.ಸಣ್ಣಹೊನ್ನಯ್ಯ ಕಂಟಲಗೆರೆ ಮತ್ತು ಸಂಗಡಿಗರಿಂದ ಜಾನಪದ ಗೀತೆಗಳ ಗಾಯನ

ಕಾರ್ಯಕ್ರಮವನ್ನು ಆಯೋಜಿಸಲಾಗಿತ್ತು. ಬಂಧೀಖಾನೆಯ ಮನುಷ್ಯರಿಗೆ ಸಂಬಂಧಿಸಿದ ಹಾಡುಗಳು ಹಾಗೂ ಜೀವನ ಮೌಲ್ಯಗಳನ್ನು ಕುರಿತು ಮಾತನಾಡಿದರು. ಸಮಾರಂಭದ ಅಧ್ಯಕ್ಷತೆಯನ್ನು ಜಿಲ್ಲಾ ಕಾರಾಗೃಹ ಅಧೀಕ್ಷಕರಾದ ಮಲ್ಲಿಕಾರ್ಜುನ ಶಿರಾವಳ ವಹಿಸಿದ್ದರು. ಅವರು ಅಧ್ಯಕ್ಷೀಯ ನುಡಿಗಳಲ್ಲಿ ಬಂಧೀನಿವಾಸಿಗಳು ಆತ್ಮಾವಲೋಕನ ಮಾಡಿಕೊಂಡು ಒಳ್ಳೆಯ ಪ್ರಜೆಗಳಾಗಿ ಹೊರಬರಬೇಕು ಎಂದರು. ಇಲ್ಲಿ ಇದ್ದಾಗ, ನ್ಯಾಯಾಲಯದ ತೀರ್ಪಿನ ಆದೇಶದವರೆಗೆ ಜವಾಬ್ದಾರಿಯುತವಾಗಿ ವರ್ತಿಸಬೇಕು. ಜೊತೆಗೆ ತಮ್ಮ ಮನೆಯ ಮನಸ್ಥಿತಿ ಬದಲಾವಣೆಗೆ ಪ್ರಯತ್ನಿಸಬೇಕು ಎಂದರು. ಸಮಾರಂಭದಲ್ಲಿ ತಾಲ್ಲೂಕು

ಕನ್ನಡ ಸಾಹಿತ್ಯ ಪರಿಷತ್ತಿನ ಅಧ್ಯಕ್ಷರಾದ ಎಂ.ಜಿ.ಸಿದ್ದರಾಮಯ್ಯ, ಚಿಕ್ಕರಂಗಪ್ಪ ಹಾಗೂ ಸಂಗೀತ ಶಿಕ್ಷಕಿ ಶ್ರೀಮತಿ ಅಕ್ಕಮ್ಮ ರಂಗರಾಜು ಹಾಗೂ ಜಾನಪದ ಗಾಯಕರು, ಕಾರಾಗೃಹದ ಅಧಿಕಾರಿಗಳು ಸಿಬ್ಬಂದಿ ಉಪಸ್ಥಿತರಿದ್ದರು. ಕಾರ್ಯಕ್ರಮದ ನಿರೂಪಣೆಯನ್ನು ಕೆ.ಎಸ್.ರಾಮಚಂದ್ರಯ್ಯ ನೆರವೇರಿಸಿದರು. ಬಂಧೀಖಾನೆಯ ಎಲ್ಲ ಸಿಬ್ಬಂದಿ ಹಾಗೂ ಕುಟುಂಬದವರು ನಾಡಗೀತೆ ಹಾಡಿದರು. ಜೈಲಿನ ಹಿರಿಯ ಅಧಿಕಾರಿಗಳು ಹಾಜರಿದ್ದರು. ಕಲಾವಿದರು ಜೈಲಿನಲ್ಲಿರುವ ಬಂಧಿ ನಿವಾಸಿಗಳನ್ನು ರಂಜಿಸಿದರು. ಇಂತಹ ಕಾರ್ಯಕ್ರಮಗಳು ಮನಃಪರಿವರ್ತನೆಗೆ ಸಹಕಾರಿ ಎಂದು ಕನ್ನಡ ಸಾಹಿತ್ಯ ಪರಿಷತ್ತಿನ ಪದಾಧಿಕಾರಿಗಳು ಅಭಿಪ್ರಾಯಪಟ್ಟರು. ಕಾರ್ಯಕ್ರಮದ ಕೊನೆಯಲ್ಲಿ ಕಾರಾಗೃಹದ ಸಿಬ್ಬಂದಿ ವಂದನಾರ್ಪಣೆ ಮಾಡಿದರು.

ಕೃಷಿಕ್ ಫೌಂಡೇಷನ್‌ನಿಂದ ಸಿ.ಚಿಕ್ಕಣ್ಣರಿಗೆ ನುಡಿನಮನ
ಕೆ.ಎಸ್.ಎಫ್. ಎಂಡೋಮೆಂಟ್ ವಿದ್ಯಾರ್ಥಿವೇತನ ವಿತರಣೆ

ತುಮಕೂರು: ನಗರದ ಐಎಂಎ ಸಭಾಂಗಣದಲ್ಲಿ ಕೃಷಿಕ್ ಸರ್ವೋದಯ ಫೌಂಡೇಷನ್ ನಿಂದ ನಿವೃತ್ತ ಐಎಎಸ್ ಅಧಿಕಾರಿ, ಫೌಂಡೇಷನ್ ಅಧ್ಯಕ್ಷರಾಗಿದ್ದ ಸಿ. ಚಿಕ್ಕಣ್ಣ ಅವರಿಗೆ ನುಡಿನಮನ ಸಲ್ಲಿಸಲಾಯಿತು. ಹಾಗೂ ಕೃಷಿಕ ಕುಟುಂಬದ 75 ಮಂದಿ ಪ್ರತಿಭಾವಂತ ವಿದ್ಯಾರ್ಥಿಗಳಿಗೆ ಕೆ.ಎಸ್.ಎಫ್. ಎಂಡೋಮೆಂಟ್ ವಿದ್ಯಾರ್ಥಿವೇತನ ವಿತರಣಾ ಸಮಾರಂಭ ಈ ತಿಂಗಳ 15 ರಂದು ನಡೆಯಲಿದೆ. ನಗರದ ಕೃಷಿಕ್ ಸರ್ವೋದಯ ಫೌಂಡೇಷನ್ ಸಂಸ್ಥಾಪಕರಾದ ಸಂಸದ ಗಂಗಾಧರ್ ಅವರ ಸಹಯೋಗದಲ್ಲಿ ಮಾತನಾಡಿದ ಫೌಂಡೇಷನ್ ಸ್ಥಾಪಕ ಅಧ್ಯಕ್ಷ ಎಲ್.ಟಿ. ನಾಗರಾಜ್ ಮಾತನಾಡಿ, ಅಂದು ಬೆಳಿಗ್ಗೆ 11 ಗಂಟೆಗೆ ಕಾರ್ಯಕ್ರಮ ನಡೆಯಲಿದೆ. ನಗರದ ಕೃಷಿಕ ಕುಟುಂಬದ ಪ್ರತಿಭಾವಂತ ವಿದ್ಯಾರ್ಥಿಗಳಿಗೆ ಎಂಡೋಮೆಂಟ್ ವಿದ್ಯಾರ್ಥಿವೇತನ ವಿತರಿಸಲಾಗುವುದು. ಈ ಸಮಾರಂಭದ ಅಧ್ಯಕ್ಷತೆಯನ್ನು ನ್ಯಾಯಾಧೀಶ ಕೆ.ಎಸ್.ಪ್ರಭು ವಹಿಸಲಿದ್ದಾರೆ. ಮುಖ್ಯ ಅತಿಥಿಗಳಾಗಿ ಸಂಸದರು, ಶಾಸಕರು ಭಾಗವಹಿಸಲಿದ್ದಾರೆ. ಕಾರ್ಯಕ್ರಮದಲ್ಲಿ ಮುಖ್ಯಅತಿಥಿಗಳಾಗಿ ಭಾಗವಹಿಸಿ ವಿದ್ಯಾರ್ಥಿವೇತನ ವಿತರಿಸಲಿದ್ದಾರೆ. ಟ್ರಸ್ಟಿ ಡಾ.ಎನ್.ಟಿ.

ರಾಮಚಂದ್ರಪ್ಪ, ಡಿ.ಸಿ. ಚಿಕ್ಕಣ್ಣನವರ ಪತ್ನಿ ಕಾಂತಮ್ಮ ಭಾಗವಹಿಸುವರು ಎಂದು ಹೇಳಿದರು. ಗ್ರಾಮೀಣ ಪ್ರದೇಶದ ವಿದ್ಯಾವಂತರ ನಿರುದ್ಯೋಗಿ ಯುವಜನರಿಗೆ ಐಎಎಸ್, ಐಪಿಎಸ್, ಕೆಎಎಸ್ ಹಾಗೂ ಇತರ ರಾಜ್ಯ ಮಟ್ಟದ ಆಡಳಿತ ಸೇವೆಗಳ ನೇಮಕಾತಿ ಪರೀಕ್ಷೆಗಳಿಗೆ ತರಬೇತಿ ನೀಡಿ ಅವರು ಉದ್ಯೋಗ ಪಡೆಯಲು ನೆರವಾಗುವ ಉದ್ದೇಶದಿಂದ ಕೃಷಿಕ್ ಸರ್ವೋದಯ ಫೌಂಡೇಷನ್ ಸ್ಥಾಪಿಸಲಾಗಿದೆ. ಗ್ರಾಮೀಣ ವಿದ್ಯಾರ್ಥಿಗಳಿಗೆ ಶೈಕ್ಷಣಿಕ, ವೃತ್ತಿಪರ ಶಿಕ್ಷಣ ಪಡೆಯಲು ನೆರವಾಗುತ್ತಿದೆ. ಪ್ರತಿಭಾವಂತ ವಿದ್ಯಾರ್ಥಿಗಳಿಗೆ ಪ್ರೋತ್ಸಾಹಿಸಲು ವಿದ್ಯಾರ್ಥಿ ವೇತನ ನೀಡಲಾಗುತ್ತಿದೆ. ಸ್ಪರ್ಧಾತ್ಮಕ ಪರೀಕ್ಷೆಗಳಿಗೆ ತರಬೇತಿ ಪಡೆದ ನೂರಾರು ಗ್ರಾಮೀಣ ಪ್ರದೇಶದ ವಿದ್ಯಾರ್ಥಿಗಳಿಗೆ ಉಚಿತ ವಸತಿ ಸೌಲಭ್ಯವನ್ನು ಕೆ.ಎಸ್.ಎಫ್. ವಿದ್ಯಾರ್ಥಿ

ನಿಲಯದಲ್ಲಿ ನೀಡಲಾಗುತ್ತಿದೆ ಎಂದರು. ಕೃಷಿಕ್ ಸರ್ವೋದಯ ಫೌಂಡೇಷನ್ ಅಧ್ಯಕ್ಷರಾಗಿ ಸಿ.ಚಿಕ್ಕಣ್ಣ ಅವರು ಗ್ರಾಮೀಣ ಪ್ರದೇಶದ ವಿದ್ಯಾರ್ಥಿಗಳ ಶೈಕ್ಷಣಿಕ ಬೆಳವಣಿಗೆಗೆ ಹೆಚ್ಚು ಕಾಳಜಿ ವಹಿಸಿದ್ದರು. ಇತ್ತೀಚೆಗೆ ಅವರು ನಿಧನರಾಗಿದ್ದು, ಸಂಸ್ಥೆಗೆ ಬಹಳ ನಷ್ಟವಾಗಿದೆ. ಸಿ.ಚಿಕ್ಕಣ್ಣ ಅವರ ಸೇವೆ ಕೊಡುಗೆ ಸ್ಮರಿಸಲು ಅಂದು ಅವರಿಗೆ ನುಡಿನಮನ ಸಲ್ಲಿಸಲಾಗುವುದು ಎಂದು ಅವರು ತಿಳಿಸಿದರು. ಕಾರ್ಯದರ್ಶಿ ನಾಗರಾಜ್ ಯಲುವಹಳ್ಳಿ ಹೇಳಿದರು. ಈ ವೇಳೆ ಫೌಂಡೇಷನ್ ಕಾರ್ಯದರ್ಶಿ ಹೆಚ್.ಎನ್. ಹನುಮೇಗೌಡ, ಖಜಾಂಚಿ ಕೆ.ಜಿ. ರಾಮಣ್ಣ, ಶೈಕ್ಷಣಿಕ ಸಮಿತಿ ಅಧ್ಯಕ್ಷ ಕೆ. ಚಂದ್ರಣ್ಣ, ಆಡಳಿತ ಮಂಡಳಿ ಸದಸ್ಯರಾದ ಡಿ. ಶಿವಾನಂದ್, ವೆಂಕಟರಮಣಪ್ಪ, ಎಂ. ಸಿದ್ದೇಶ್, ಸಂಯೋಜಕ ಗುರುಪ್ರಸಾದ್ ಮೊದಲಾದವರು ಹಾಜರಿದ್ದರು.
